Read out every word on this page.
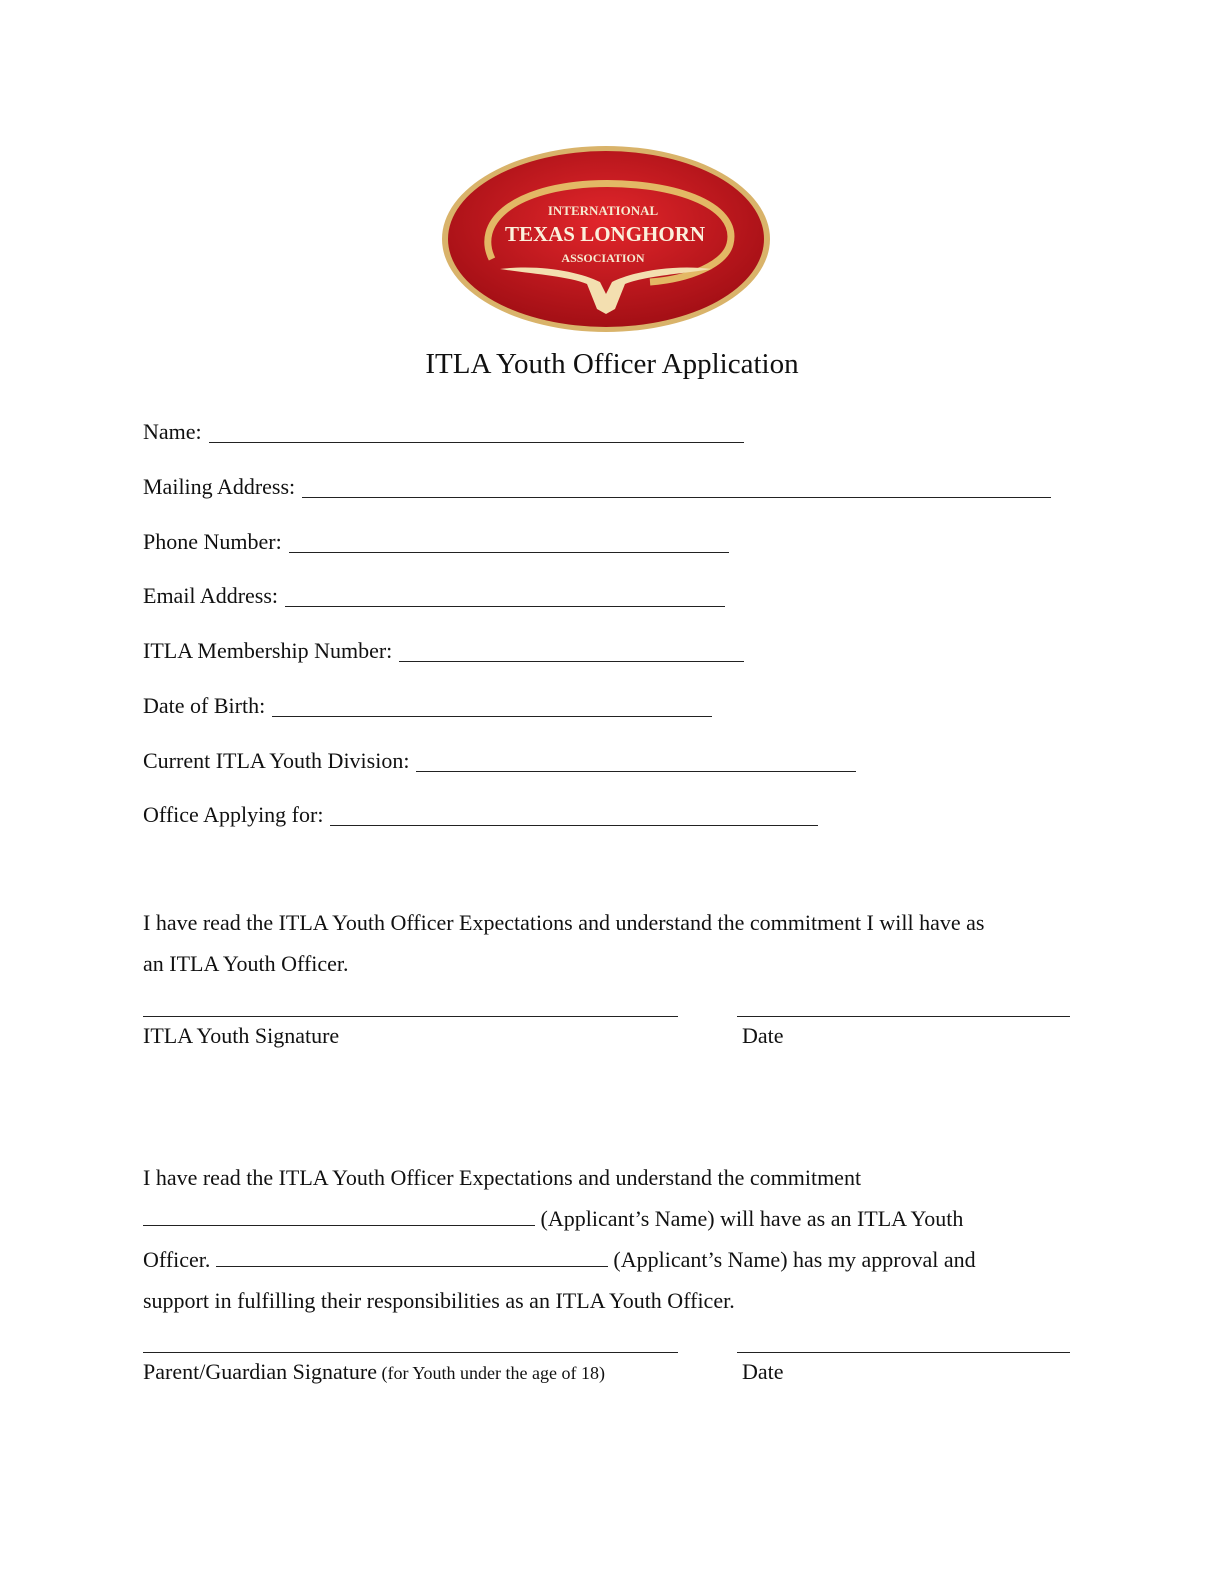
INTERNATIONAL
TEXAS LONGHORN
ASSOCIATION
ITLA Youth Officer Application
Name:
Mailing Address:
Phone Number:
Email Address:
ITLA Membership Number:
Date of Birth:
Current ITLA Youth Division:
Office Applying for:
I have read the ITLA Youth Officer Expectations and understand the commitment I will have as
an ITLA Youth Officer.
ITLA Youth Signature	Date
I have read the ITLA Youth Officer Expectations and understand the commitment
(Applicant’s Name) will have as an ITLA Youth
Officer.	(Applicant’s Name) has my approval and
support in fulfilling their responsibilities as an ITLA Youth Officer.
Parent/Guardian Signature (for Youth under the age of 18)	Date
